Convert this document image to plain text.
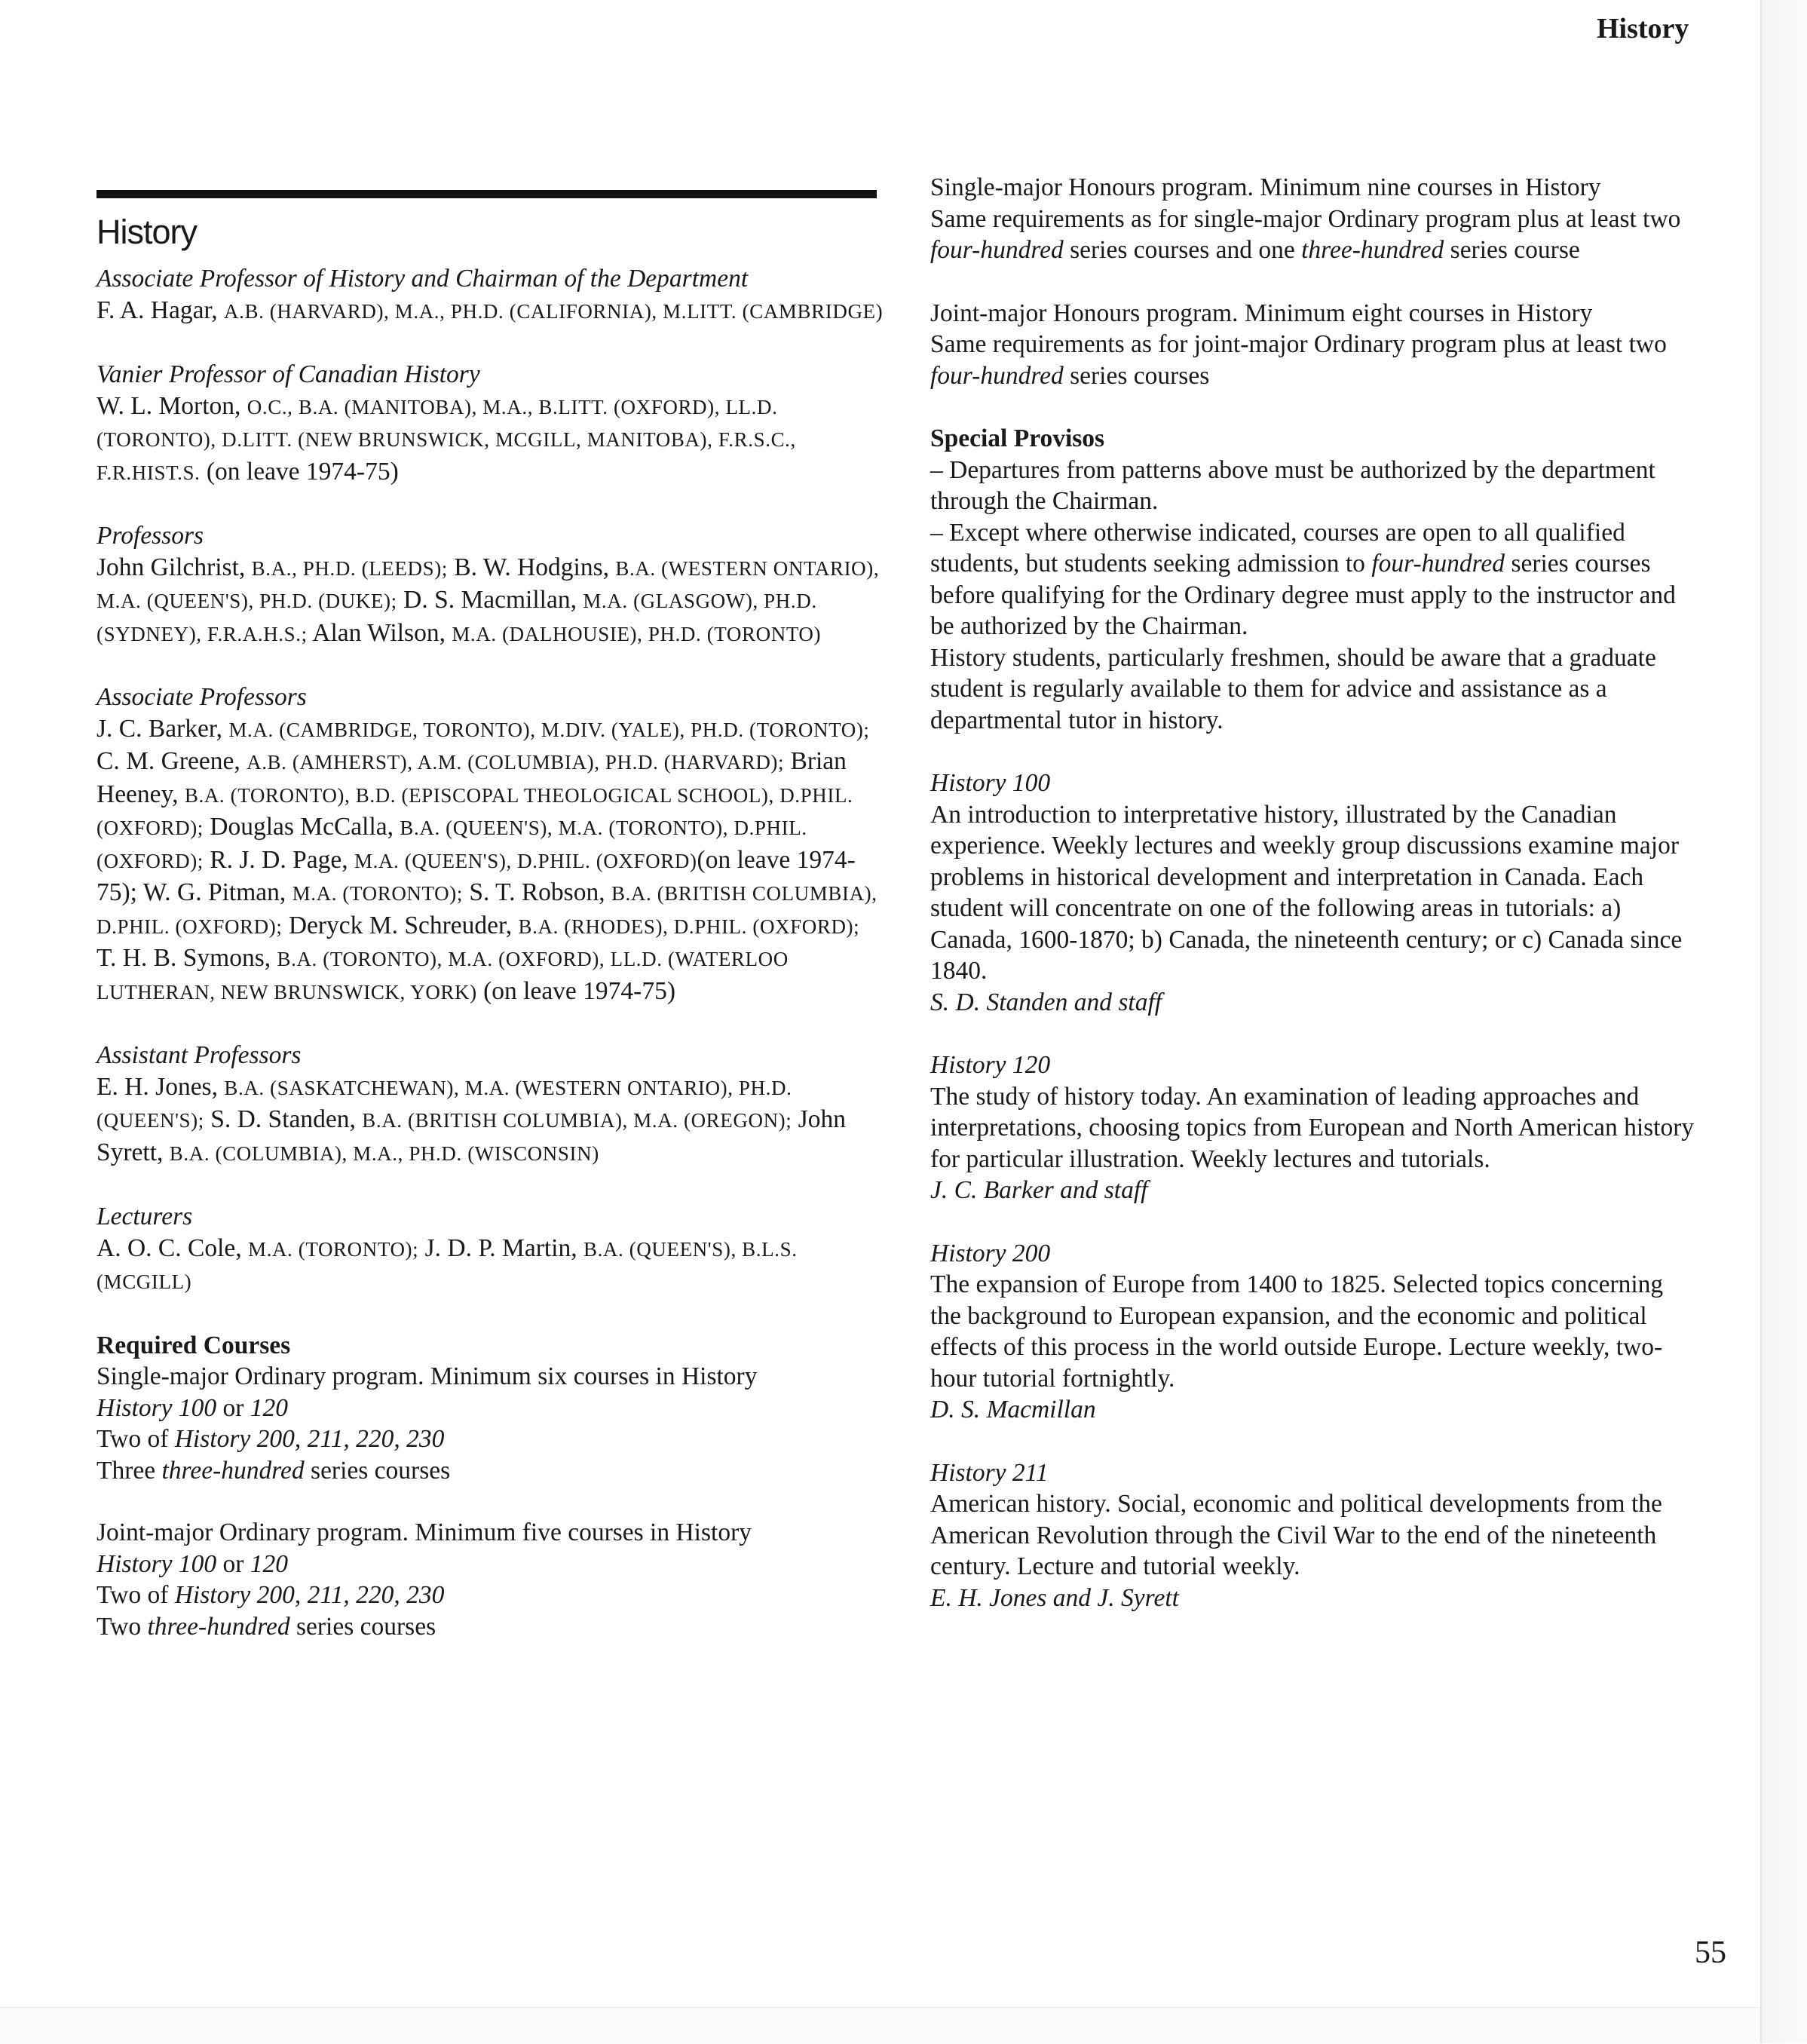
History
History
Associate Professor of History and Chairman of the Department
F. A. Hagar, A.B. (HARVARD), M.A., PH.D. (CALIFORNIA), M.LITT. (CAMBRIDGE)
Vanier Professor of Canadian History
W. L. Morton, O.C., B.A. (MANITOBA), M.A., B.LITT. (OXFORD), LL.D. (TORONTO), D.LITT. (NEW BRUNSWICK, MCGILL, MANITOBA), F.R.S.C., F.R.HIST.S. (on leave 1974-75)
Professors
John Gilchrist, B.A., PH.D. (LEEDS); B. W. Hodgins, B.A. (WESTERN ONTARIO), M.A. (QUEEN'S), PH.D. (DUKE); D. S. Macmillan, M.A. (GLASGOW), PH.D. (SYDNEY), F.R.A.H.S.; Alan Wilson, M.A. (DALHOUSIE), PH.D. (TORONTO)
Associate Professors
J. C. Barker, M.A. (CAMBRIDGE, TORONTO), M.DIV. (YALE), PH.D. (TORONTO); C. M. Greene, A.B. (AMHERST), A.M. (COLUMBIA), PH.D. (HARVARD); Brian Heeney, B.A. (TORONTO), B.D. (EPISCOPAL THEOLOGICAL SCHOOL), D.PHIL. (OXFORD); Douglas McCalla, B.A. (QUEEN'S), M.A. (TORONTO), D.PHIL. (OXFORD); R. J. D. Page, M.A. (QUEEN'S), D.PHIL. (OXFORD)(on leave 1974-75); W. G. Pitman, M.A. (TORONTO); S. T. Robson, B.A. (BRITISH COLUMBIA), D.PHIL. (OXFORD); Deryck M. Schreuder, B.A. (RHODES), D.PHIL. (OXFORD); T. H. B. Symons, B.A. (TORONTO), M.A. (OXFORD), LL.D. (WATERLOO LUTHERAN, NEW BRUNSWICK, YORK) (on leave 1974-75)
Assistant Professors
E. H. Jones, B.A. (SASKATCHEWAN), M.A. (WESTERN ONTARIO), PH.D. (QUEEN'S); S. D. Standen, B.A. (BRITISH COLUMBIA), M.A. (OREGON); John Syrett, B.A. (COLUMBIA), M.A., PH.D. (WISCONSIN)
Lecturers
A. O. C. Cole, M.A. (TORONTO); J. D. P. Martin, B.A. (QUEEN'S), B.L.S. (MCGILL)
Required Courses
Single-major Ordinary program. Minimum six courses in History
History 100 or 120
Two of History 200, 211, 220, 230
Three three-hundred series courses
Joint-major Ordinary program. Minimum five courses in History
History 100 or 120
Two of History 200, 211, 220, 230
Two three-hundred series courses
Single-major Honours program. Minimum nine courses in History
Same requirements as for single-major Ordinary program plus at least two four-hundred series courses and one three-hundred series course
Joint-major Honours program. Minimum eight courses in History
Same requirements as for joint-major Ordinary program plus at least two four-hundred series courses
Special Provisos
– Departures from patterns above must be authorized by the department through the Chairman.
– Except where otherwise indicated, courses are open to all qualified students, but students seeking admission to four-hundred series courses before qualifying for the Ordinary degree must apply to the instructor and be authorized by the Chairman.
History students, particularly freshmen, should be aware that a graduate student is regularly available to them for advice and assistance as a departmental tutor in history.
History 100
An introduction to interpretative history, illustrated by the Canadian experience. Weekly lectures and weekly group discussions examine major problems in historical development and interpretation in Canada. Each student will concentrate on one of the following areas in tutorials: a) Canada, 1600-1870; b) Canada, the nineteenth century; or c) Canada since 1840.
S. D. Standen and staff
History 120
The study of history today. An examination of leading approaches and interpretations, choosing topics from European and North American history for particular illustration. Weekly lectures and tutorials.
J. C. Barker and staff
History 200
The expansion of Europe from 1400 to 1825. Selected topics concerning the background to European expansion, and the economic and political effects of this process in the world outside Europe. Lecture weekly, two-hour tutorial fortnightly.
D. S. Macmillan
History 211
American history. Social, economic and political developments from the American Revolution through the Civil War to the end of the nineteenth century. Lecture and tutorial weekly.
E. H. Jones and J. Syrett
55
